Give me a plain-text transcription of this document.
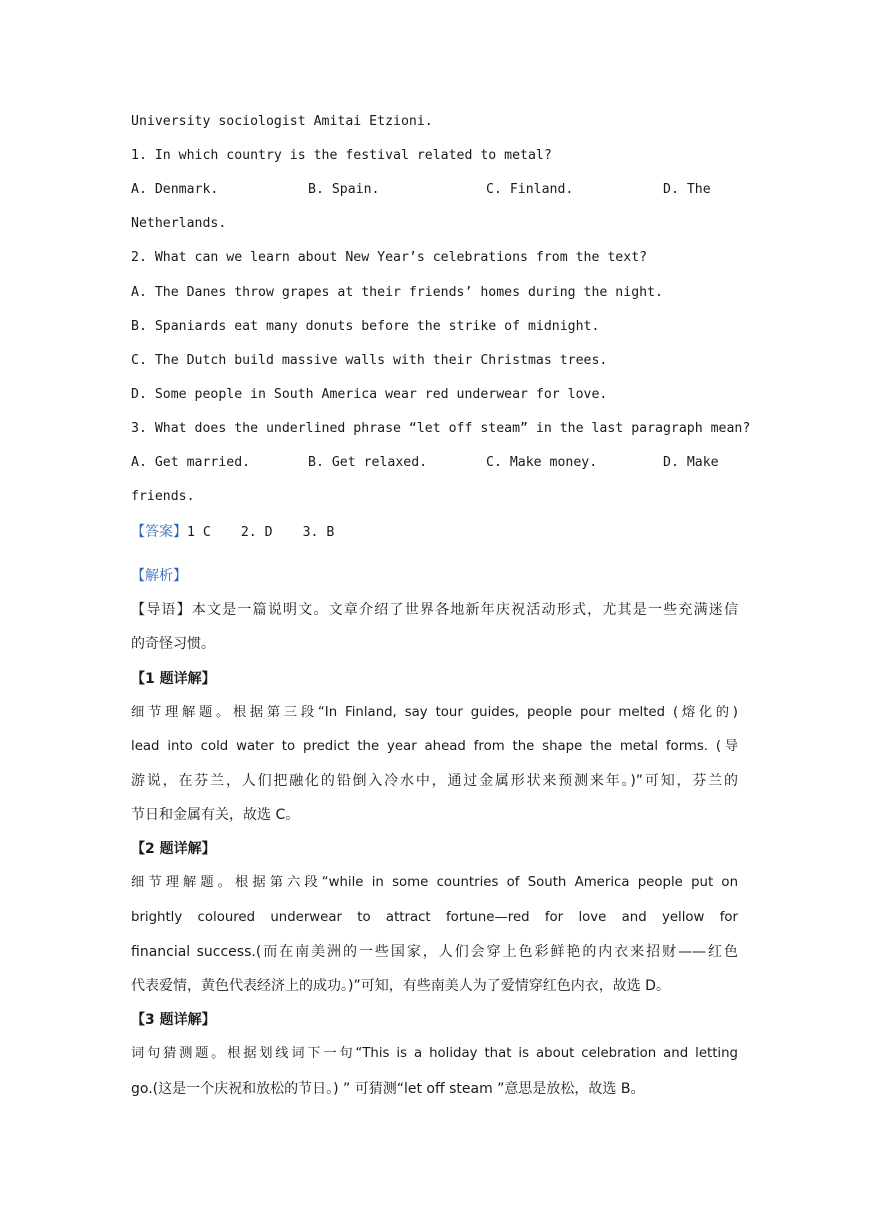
University sociologist Amitai Etzioni.
1. In which country is the festival related to metal?
A. Denmark.	B. Spain.	C. Finland.	D. The
Netherlands.
2. What can we learn about New Year’s celebrations from the text?
A. The Danes throw grapes at their friends’ homes during the night.
B. Spaniards eat many donuts before the strike of midnight.
C. The Dutch build massive walls with their Christmas trees.
D. Some people in South America wear red underwear for love.
3. What does the underlined phrase “let off steam” in the last paragraph mean?
A. Get married.	B. Get relaxed.	C. Make money.	D. Make
friends.
【答案】1 C 2. D 3. B
【解析】
【导语】本文是一篇说明文。文章介绍了世界各地新年庆祝活动形式，尤其是一些充满迷信
的奇怪习惯。
【1 题详解】
细节理解题。根据第三段“In Finland, say tour guides, people pour melted (熔化的)
lead into cold water to predict the year ahead from the shape the metal forms. (导
游说，在芬兰，人们把融化的铅倒入冷水中，通过金属形状来预测来年。)”可知，芬兰的
节日和金属有关，故选 C。
【2 题详解】
细节理解题。根据第六段“while in some countries of South America people put on
brightly coloured underwear to attract fortune—red for love and yellow for
financial success.(而在南美洲的一些国家，人们会穿上色彩鲜艳的内衣来招财——红色
代表爱情，黄色代表经济上的成功。)”可知，有些南美人为了爱情穿红色内衣，故选 D。
【3 题详解】
词句猜测题。根据划线词下一句“This is a holiday that is about celebration and letting
go.(这是一个庆祝和放松的节日。) ” 可猜测“let off steam ”意思是放松，故选 B。
